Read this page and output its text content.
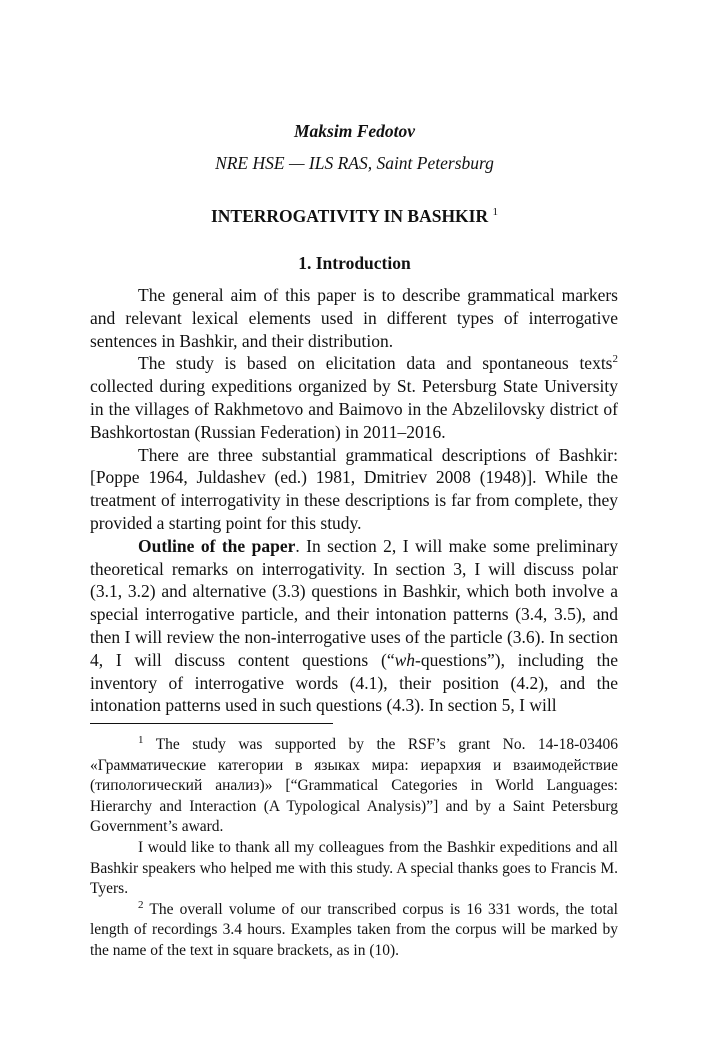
Maksim Fedotov
NRE HSE — ILS RAS, Saint Petersburg
INTERROGATIVITY IN BASHKIR $^1$
1. Introduction

The general aim of this paper is to describe grammatical markers and relevant lexical elements used in different types of interrogative sentences in Bashkir, and their distribution.

The study is based on elicitation data and spontaneous texts$^2$ collected during expeditions organized by St. Petersburg State University in the villages of Rakhmetovo and Baimovo in the Abzelilovsky district of Bashkortostan (Russian Federation) in 2011–2016.

There are three substantial grammatical descriptions of Bashkir: [Poppe 1964, Juldashev (ed.) 1981, Dmitriev 2008 (1948)]. While the treatment of interrogativity in these descriptions is far from complete, they provided a starting point for this study.

Outline of the paper. In section 2, I will make some preliminary theoretical remarks on interrogativity. In section 3, I will discuss polar (3.1, 3.2) and alternative (3.3) questions in Bashkir, which both involve a special interrogative particle, and their intonation patterns (3.4, 3.5), and then I will review the non-interrogative uses of the particle (3.6). In section 4, I will discuss content questions (“wh-questions”), including the inventory of interrogative words (4.1), their position (4.2), and the intonation patterns used in such questions (4.3). In section 5, I will

$^1$ The study was supported by the RSF’s grant No. 14-18-03406 «Грамматические категории в языках мира: иерархия и взаимодействие (типологический анализ)» [“Grammatical Categories in World Languages: Hierarchy and Interaction (A Typological Analysis)”] and by a Saint Petersburg Government’s award.

I would like to thank all my colleagues from the Bashkir expeditions and all Bashkir speakers who helped me with this study. A special thanks goes to Francis M. Tyers.

$^2$ The overall volume of our transcribed corpus is 16 331 words, the total length of recordings 3.4 hours. Examples taken from the corpus will be marked by the name of the text in square brackets, as in (10).
